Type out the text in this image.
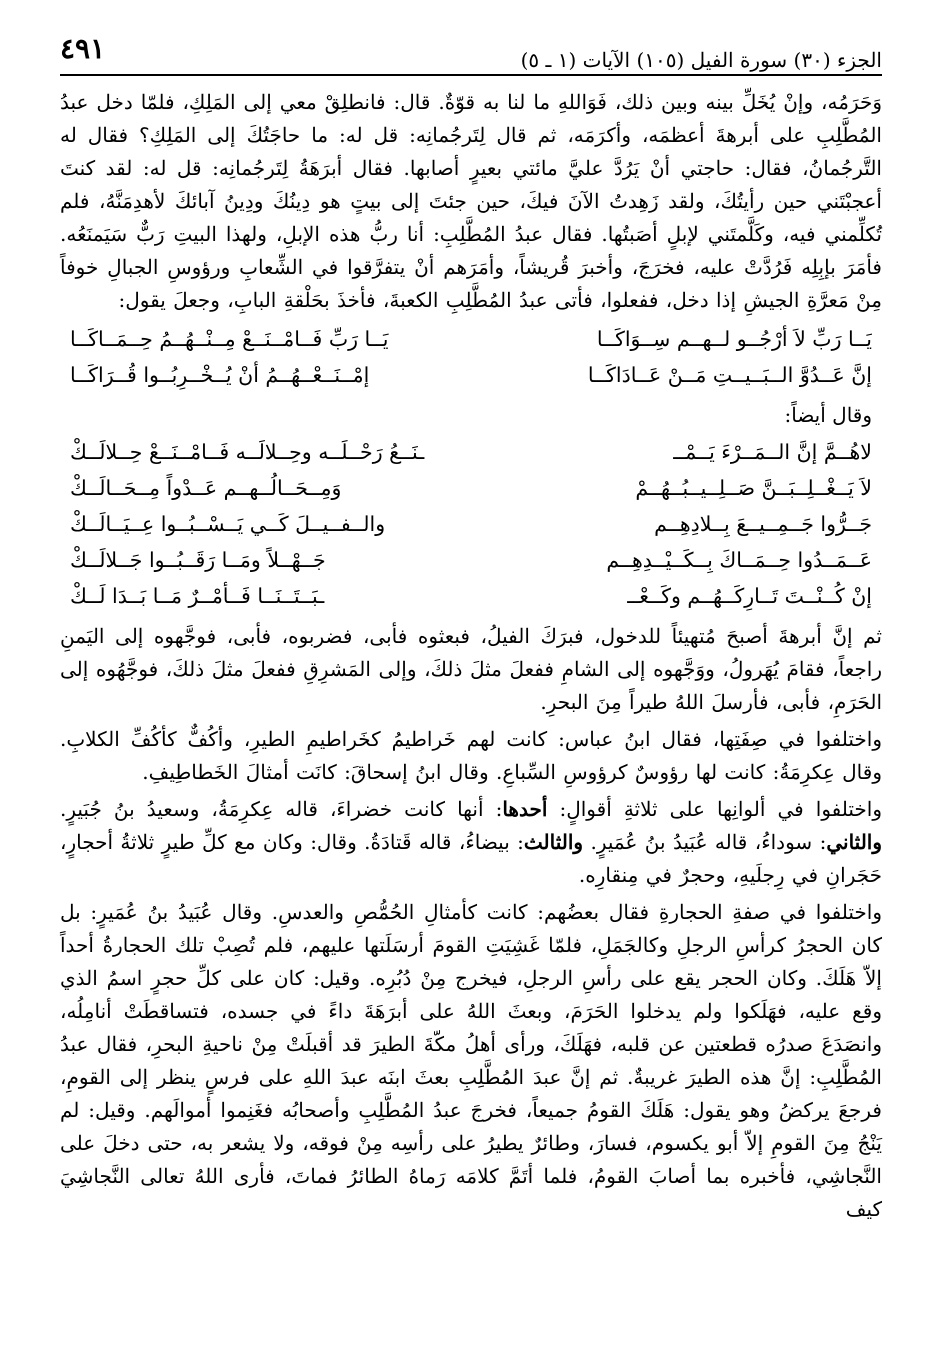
الجزء (٣٠) سورة الفيل (١٠٥) الآيات (١ ـ ٥)
٤٩١

وَحَرَمُه، وإنْ يُخَلِّ بينه وبين ذلك، فَوَاللهِ ما لنا به قوّةٌ. قال: فانطلِقْ معي إلى المَلِكِ، فلمّا دخل عبدُ المُطَّلِبِ على أبرهةَ أعظمَه، وأكرَمَه، ثم قال لِتَرجُمانِه: قل له: ما حاجَتُكَ إلى المَلِكِ؟ فقال له التَّرجُمانُ، فقال: حاجتي أنْ يَرُدَّ عليَّ مائتي بعيرٍ أصابها. فقال أبرَهَةُ لِتَرجُمانِه: قل له: لقد كنتَ أعجبْتَني حين رأيتُكَ، ولقد زَهِدتُ الآنَ فيكَ، حين جئتَ إلى بيتٍ هو دِينُكَ ودِينُ آبائكَ لأهدِمَنَّهُ، فلم تُكلِّمني فيه، وكَلَّمتَني لإبلٍ أصَبتُها. فقال عبدُ المُطَّلِبِ: أنا ربُّ هذه الإبلِ، ولهذا البيتِ رَبٌّ سَيَمنَعُه. فأمَرَ بإبِلِه فَرُدَّتْ عليه، فخرَجَ، وأخبرَ قُريشاً، وأمَرَهم أنْ يتفرَّقوا في الشِّعابِ ورؤوسِ الجبالِ خوفاً مِنْ مَعرَّةِ الجيشِ إذا دخل، ففعلوا، فأتى عبدُ المُطَّلِبِ الكعبةَ، فأخذَ بحَلْقةِ البابِ، وجعلَ يقول:

يَــا رَبِّ لاَ أرْجُــو لــهــم سِــوَاكَــا
يَــا رَبِّ فَــامْــنَــعْ مِــنْــهُــمُ حِــمَــاكَــا
إنَّ عَــدُوَّ الــبَــيــتِ مَــنْ عَــادَاكَــا
إمْــنَــعْــهُــمُ أنْ يُــخْــرِبُــوا قُــرَاكَــا
وقال أيضاً:
لاهُــمَّ إنَّ الــمَــرْءَ يَــمْــ
ـنَــعُ رَحْــلَــه وحِــلالَــه فَــامْــنَــعْ حِــلالَــكْ
لاَ يَــغْــلِــبَــنَّ صَــلِــيــبُــهُــمْ
وَمِــحَــالُــهــم عَــدْواً مِــحَــالَــكْ
جَــرُّوا جَــمِــيــعَ بِــلادِهِــم
والــفــيــلَ كَــي يَــسْــبُــوا عِــيَــالَــكْ
عَــمَــدُوا حِــمَــاكَ بِــكَــيْــدِهِــم
جَــهْــلاً ومَــا رَقَــبُــوا جَــلالَــكْ
إنْ كُــنْــتَ تَــارِكَــهُــم وكَــعْــ
ـبَــتَــنَــا فَــأمْــرٌ مَــا بَــدَا لَــكْ

ثم إنَّ أبرهةَ أصبحَ مُتهيئاً للدخول، فبرَكَ الفيلُ، فبعثوه فأبى، فضربوه، فأبى، فوجَّهوه إلى اليَمنِ راجعاً، فقامَ يُهَرولُ، ووَجَّهوه إلى الشامِ ففعلَ مثلَ ذلكَ، وإلى المَشرِقِ ففعلَ مثلَ ذلكَ، فوجَّهُوه إلى الحَرَمِ، فأبى، فأرسلَ اللهُ طيراً مِنَ البحرِ.

واختلفوا في صِفَتِها، فقال ابنُ عباس: كانت لهم خَراطيمُ كخَراطيمِ الطيرِ، وأكُفٌّ كأكُفِّ الكلابِ. وقال عِكرِمَةُ: كانت لها رؤوسٌ كرؤوسِ السِّباعِ. وقال ابنُ إسحاقَ: كانَت أمثالَ الخَطاطِيفِ.

واختلفوا في ألوانِها على ثلاثةِ أقوالٍ: أحدها: أنها كانت خضراءَ، قاله عِكرِمَةُ، وسعيدُ بنُ جُبَيرٍ. والثاني: سوداءُ، قاله عُبَيدُ بنُ عُمَيرٍ. والثالث: بيضاءُ، قاله قَتادَةُ. وقال: وكان مع كلِّ طيرٍ ثلاثةُ أحجارٍ، حَجَرانِ في رِجلَيهِ، وحجرٌ في مِنقارِه.

واختلفوا في صفةِ الحجارةِ فقال بعضُهم: كانت كأمثالِ الحُمُّصِ والعدسِ. وقال عُبَيدُ بنُ عُمَيرٍ: بل كان الحجرُ كرأسِ الرجلِ وكالجَمَلِ، فلمّا غَشِيَتِ القومَ أرسَلَتها عليهم، فلم تُصِبْ تلك الحجارةُ أحداً إلاّ هَلَكَ. وكان الحجر يقع على رأسِ الرجلِ، فيخرج مِنْ دُبُرِه. وقيل: كان على كلِّ حجرٍ اسمُ الذي وقع عليه، فهَلَكوا ولم يدخلوا الحَرَمَ، وبعثَ اللهُ على أبرَهَةَ داءً في جسده، فتساقطَتْ أنامِلُه، وانصَدَعَ صدرُه قطعتين عن قلبه، فهَلَكَ، ورأى أهلُ مكّةَ الطيرَ قد أقبلَتْ مِنْ ناحيةِ البحرِ، فقال عبدُ المُطَّلِبِ: إنَّ هذه الطيرَ غريبةٌ. ثم إنَّ عبدَ المُطَّلِبِ بعثَ ابنَه عبدَ اللهِ على فرسٍ ينظر إلى القومِ، فرجعَ يركضُ وهو يقول: هَلَكَ القومُ جميعاً، فخرجَ عبدُ المُطَّلِبِ وأصحابُه فغَنِموا أموالَهم. وقيل: لم يَنْجُ مِنَ القومِ إلاّ أبو يكسوم، فسارَ، وطائرٌ يطيرُ على رأسِه مِنْ فوقه، ولا يشعر به، حتى دخلَ على النَّجاشِي، فأخبره بما أصابَ القومُ، فلما أتَمَّ كلامَه رَماهُ الطائرُ فماتَ، فأرى اللهُ تعالى النَّجاشِيَ كيف
